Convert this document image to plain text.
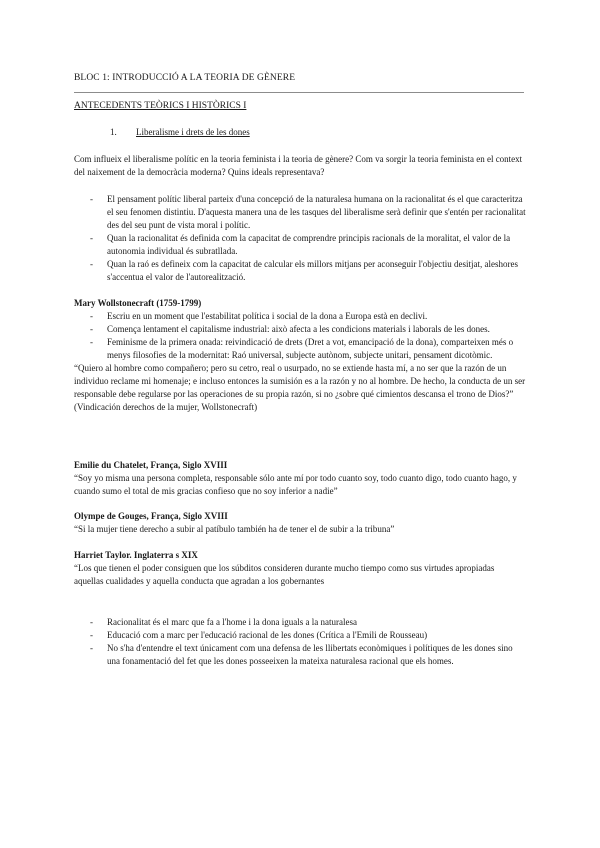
BLOC 1: INTRODUCCIÓ A LA TEORIA DE GÈNERE
ANTECEDENTS TEÒRICS I HISTÒRICS I
1. Liberalisme i drets de les dones

Com influeix el liberalisme polític en la teoria feminista i la teoria de gènere? Com va sorgir la teoria feminista en el context del naixement de la democràcia moderna? Quins ideals representava?

- El pensament polític liberal parteix d'una concepció de la naturalesa humana on la racionalitat és el que caracteritza el seu fenomen distintiu. D'aquesta manera una de les tasques del liberalisme serà definir que s'entén per racionalitat des del seu punt de vista moral i polític.
- Quan la racionalitat és definida com la capacitat de comprendre principis racionals de la moralitat, el valor de la autonomia individual és subratllada.
- Quan la raó es defineix com la capacitat de calcular els millors mitjans per aconseguir l'objectiu desitjat, aleshores s'accentua el valor de l'autorealització.

Mary Wollstonecraft (1759-1799)

- Escriu en un moment que l'estabilitat política i social de la dona a Europa està en declivi.
- Comença lentament el capitalisme industrial: això afecta a les condicions materials i laborals de les dones.
- Feminisme de la primera onada: reivindicació de drets (Dret a vot, emancipació de la dona), comparteixen més o menys filosofies de la modernitat: Raó universal, subjecte autònom, subjecte unitari, pensament dicotòmic.

“Quiero al hombre como compañero; pero su cetro, real o usurpado, no se extiende hasta mí, a no ser que la razón de un individuo reclame mi homenaje; e incluso entonces la sumisión es a la razón y no al hombre. De hecho, la conducta de un ser responsable debe regularse por las operaciones de su propia razón, si no ¿sobre qué cimientos descansa el trono de Dios?” (Vindicación derechos de la mujer, Wollstonecraft)

Emilie du Chatelet, França, Siglo XVIII

“Soy yo misma una persona completa, responsable sólo ante mí por todo cuanto soy, todo cuanto digo, todo cuanto hago, y cuando sumo el total de mis gracias confieso que no soy inferior a nadie”

Olympe de Gouges, França, Siglo XVIII

“Si la mujer tiene derecho a subir al patíbulo también ha de tener el de subir a la tribuna”

Harriet Taylor. Inglaterra s XIX

“Los que tienen el poder consiguen que los súbditos consideren durante mucho tiempo como sus virtudes apropiadas aquellas cualidades y aquella conducta que agradan a los gobernantes

- Racionalitat és el marc que fa a l'home i la dona iguals a la naturalesa
- Educació com a marc per l'educació racional de les dones (Crítica a l'Emili de Rousseau)
- No s'ha d'entendre el text únicament com una defensa de les llibertats econòmiques i polítiques de les dones sino una fonamentació del fet que les dones posseeixen la mateixa naturalesa racional que els homes.
